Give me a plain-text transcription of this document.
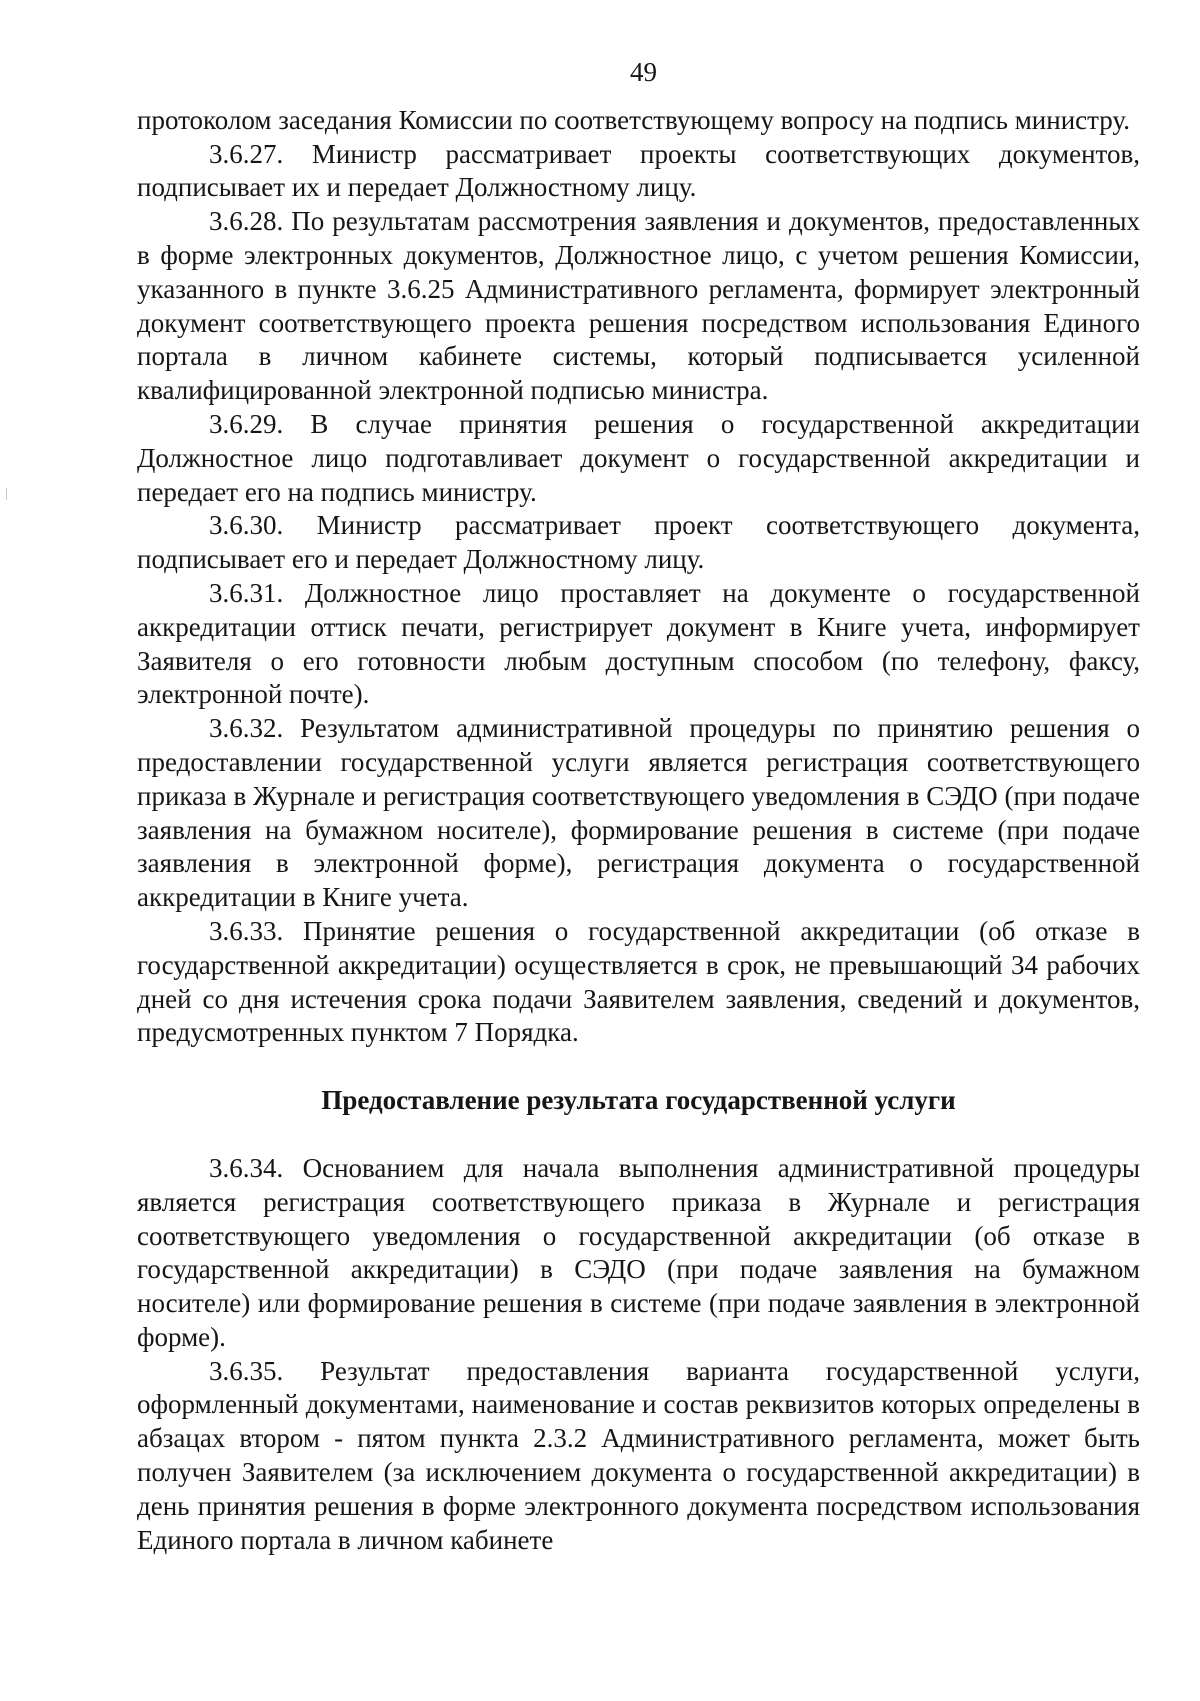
49

протоколом заседания Комиссии по соответствующему вопросу на подпись министру.

3.6.27. Министр рассматривает проекты соответствующих документов, подписывает их и передает Должностному лицу.

3.6.28. По результатам рассмотрения заявления и документов, предоставленных в форме электронных документов, Должностное лицо, с учетом решения Комиссии, указанного в пункте 3.6.25 Административного регламента, формирует электронный документ соответствующего проекта решения посредством использования Единого портала в личном кабинете системы, который подписывается усиленной квалифицированной электронной подписью министра.

3.6.29. В случае принятия решения о государственной аккредитации Должностное лицо подготавливает документ о государственной аккредитации и передает его на подпись министру.

3.6.30. Министр рассматривает проект соответствующего документа, подписывает его и передает Должностному лицу.

3.6.31. Должностное лицо проставляет на документе о государственной аккредитации оттиск печати, регистрирует документ в Книге учета, информирует Заявителя о его готовности любым доступным способом (по телефону, факсу, электронной почте).

3.6.32. Результатом административной процедуры по принятию решения о предоставлении государственной услуги является регистрация соответствующего приказа в Журнале и регистрация соответствующего уведомления в СЭДО (при подаче заявления на бумажном носителе), формирование решения в системе (при подаче заявления в электронной форме), регистрация документа о государственной аккредитации в Книге учета.

3.6.33. Принятие решения о государственной аккредитации (об отказе в государственной аккредитации) осуществляется в срок, не превышающий 34 рабочих дней со дня истечения срока подачи Заявителем заявления, сведений и документов, предусмотренных пунктом 7 Порядка.

Предоставление результата государственной услуги

3.6.34. Основанием для начала выполнения административной процедуры является регистрация соответствующего приказа в Журнале и регистрация соответствующего уведомления о государственной аккредитации (об отказе в государственной аккредитации) в СЭДО (при подаче заявления на бумажном носителе) или формирование решения в системе (при подаче заявления в электронной форме).

3.6.35. Результат предоставления варианта государственной услуги, оформленный документами, наименование и состав реквизитов которых определены в абзацах втором - пятом пункта 2.3.2 Административного регламента, может быть получен Заявителем (за исключением документа о государственной аккредитации) в день принятия решения в форме электронного документа посредством использования Единого портала в личном кабинете
